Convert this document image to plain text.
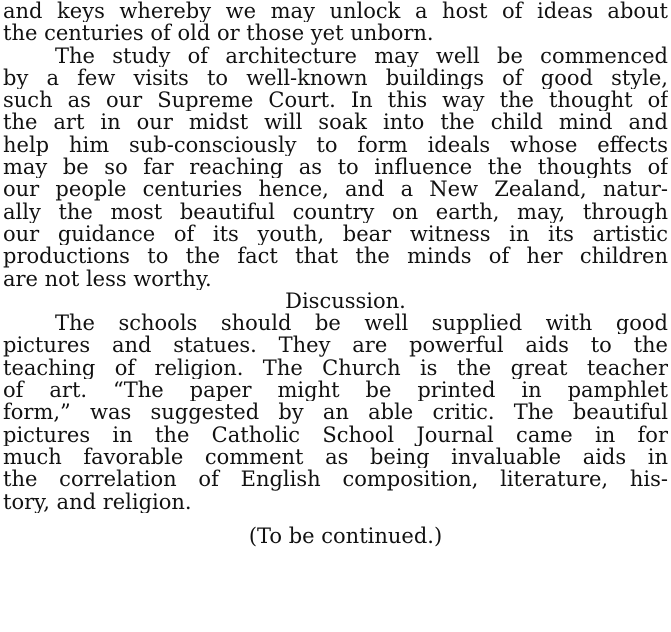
and keys whereby we may unlock a host of ideas about
the centuries of old or those yet unborn.
The study of architecture may well be commenced
by a few visits to well-known buildings of good style,
such as our Supreme Court. In this way the thought of
the art in our midst will soak into the child mind and
help him sub-consciously to form ideals whose effects
may be so far reaching as to influence the thoughts of
our people centuries hence, and a New Zealand, natur-
ally the most beautiful country on earth, may, through
our guidance of its youth, bear witness in its artistic
productions to the fact that the minds of her children
are not less worthy.
Discussion.
The schools should be well supplied with good
pictures and statues. They are powerful aids to the
teaching of religion. The Church is the great teacher
of art. “The paper might be printed in pamphlet
form,” was suggested by an able critic. The beautiful
pictures in the Catholic School Journal came in for
much favorable comment as being invaluable aids in
the correlation of English composition, literature, his-
tory, and religion.
(To be continued.)
